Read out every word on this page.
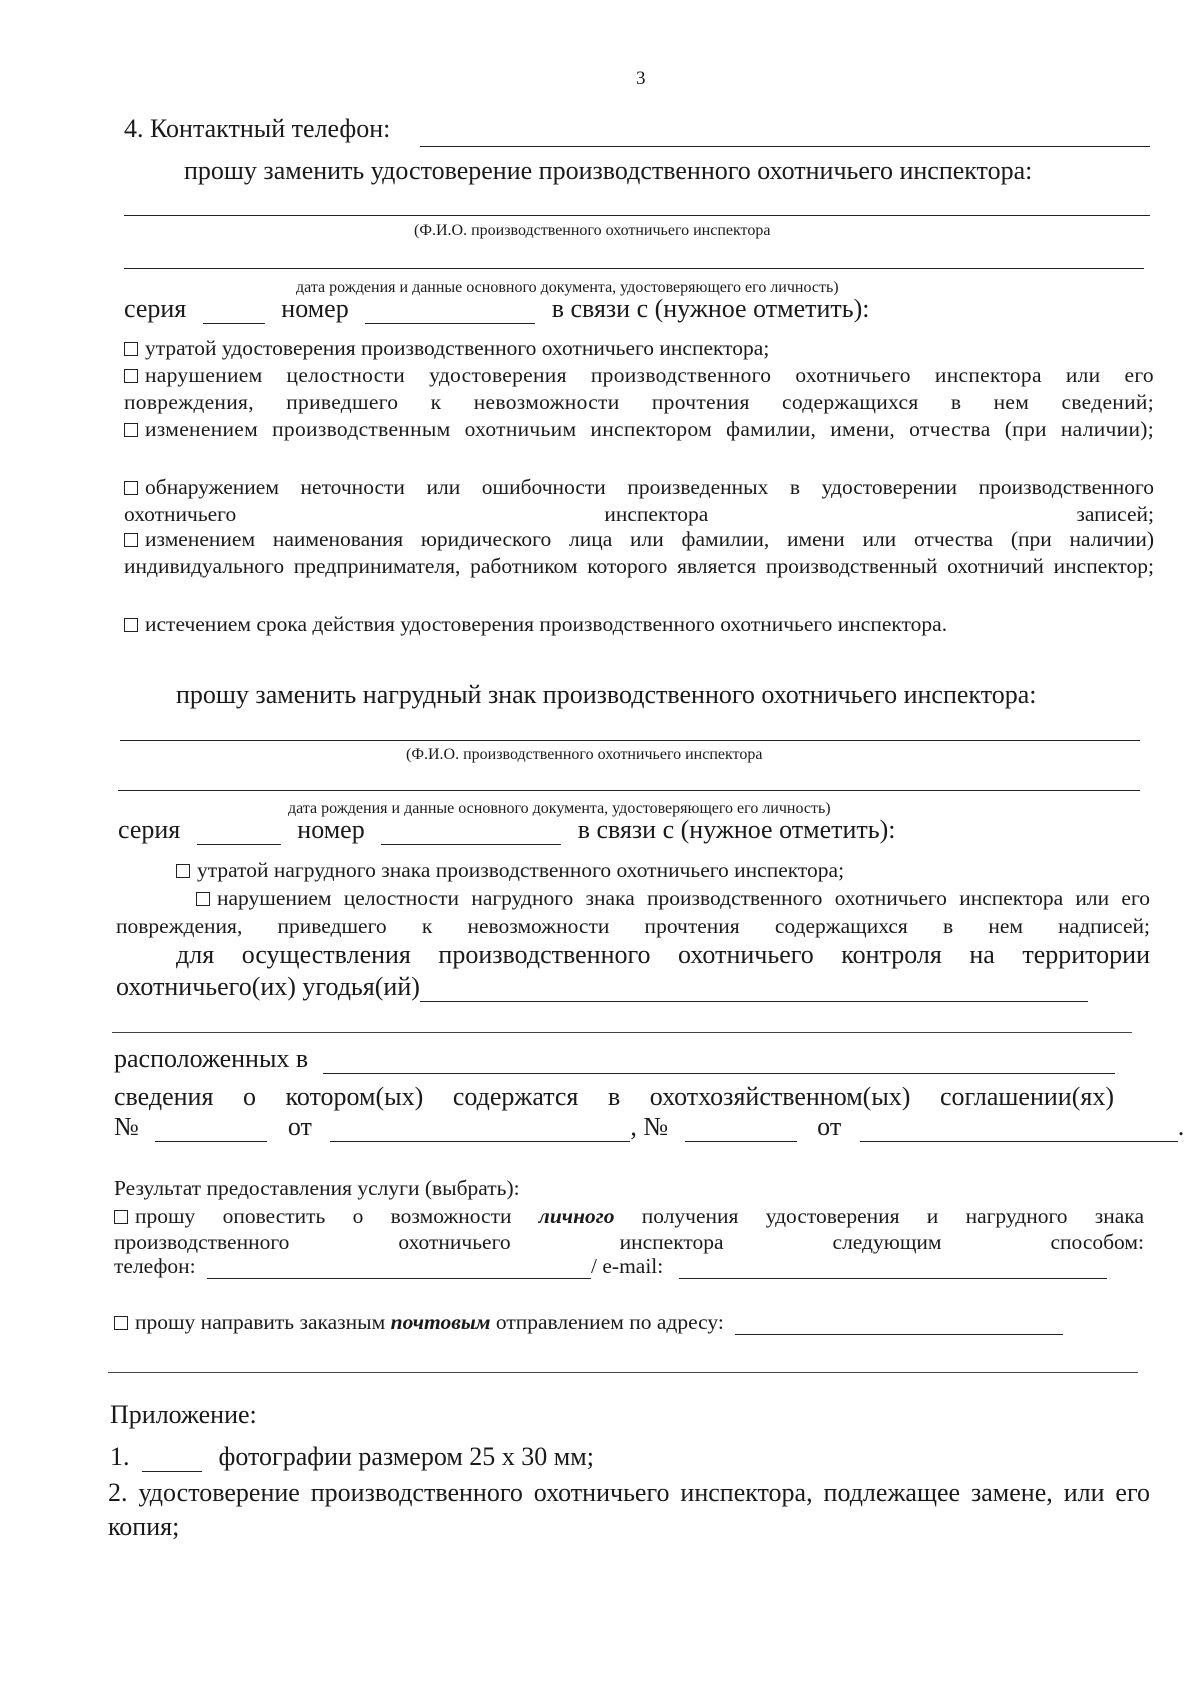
3
4. Контактный телефон:
прошу заменить удостоверение производственного охотничьего инспектора:
(Ф.И.О. производственного охотничьего инспектора
дата рождения и данные основного документа, удостоверяющего его личность)
серия	номер	в связи с (нужное отметить):
утратой удостоверения производственного охотничьего инспектора;
нарушением целостности удостоверения производственного охотничьего инспектора или его повреждения, приведшего к невозможности прочтения содержащихся в нем сведений;
изменением производственным охотничьим инспектором фамилии, имени, отчества (при наличии);
обнаружением неточности или ошибочности произведенных в удостоверении производственного охотничьего инспектора записей;
изменением наименования юридического лица или фамилии, имени или отчества (при наличии) индивидуального предпринимателя, работником которого является производственный охотничий инспектор;
истечением срока действия удостоверения производственного охотничьего инспектора.
прошу заменить нагрудный знак производственного охотничьего инспектора:
(Ф.И.О. производственного охотничьего инспектора
дата рождения и данные основного документа, удостоверяющего его личность)
серия	номер	в связи с (нужное отметить):
утратой нагрудного знака производственного охотничьего инспектора;
нарушением целостности нагрудного знака производственного охотничьего инспектора или его повреждения, приведшего к невозможности прочтения содержащихся в нем надписей;
для осуществления производственного охотничьего контроля на территории
охотничьего(их) угодья(ий)
расположенных в
сведения о котором(ых) содержатся в охотхозяйственном(ых) соглашении(ях)
№	от	, №	от	.
Результат предоставления услуги (выбрать):
прошу оповестить о возможности личного получения удостоверения и нагрудного знака
производственного	охотничьего	инспектора	следующим	способом:
телефон:	/ e-mail:
прошу направить заказным почтовым отправлением по адресу:
Приложение:
1.	фотографии размером 25 х 30 мм;
2. удостоверение производственного охотничьего инспектора, подлежащее замене, или его копия;
